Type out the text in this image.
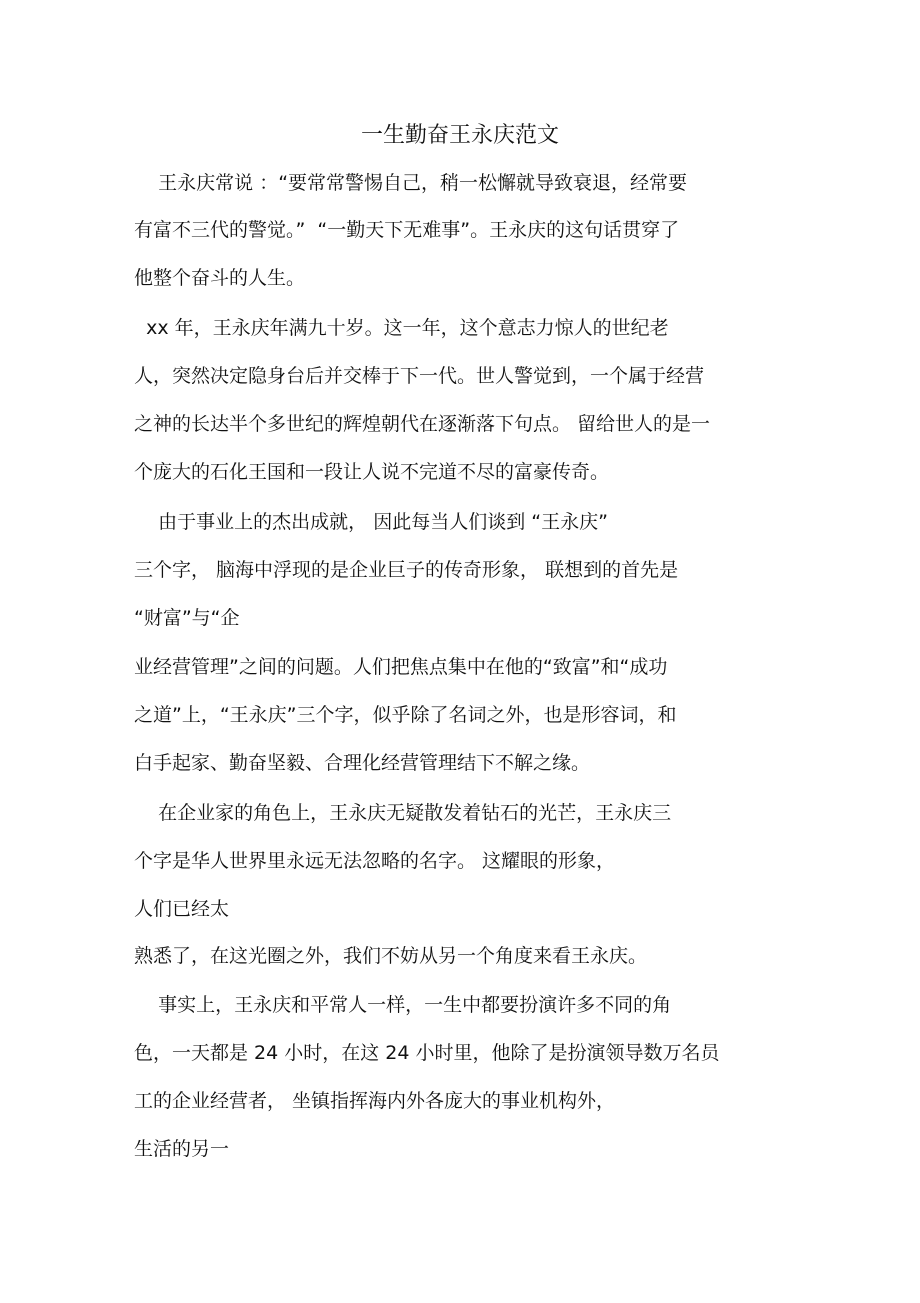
一生勤奋王永庆范文
王永庆常说 ：“要常常警惕自己，稍一松懈就导致衰退，经常要
有富不三代的警觉。”  “一勤天下无难事”。王永庆的这句话贯穿了
他整个奋斗的人生。
xx 年，王永庆年满九十岁。这一年，这个意志力惊人的世纪老
人，突然决定隐身台后并交棒于下一代。世人警觉到，一个属于经营
之神的长达半个多世纪的辉煌朝代在逐渐落下句点。 留给世人的是一
个庞大的石化王国和一段让人说不完道不尽的富豪传奇。
由于事业上的杰出成就， 因此每当人们谈到 “王永庆”
三个字， 脑海中浮现的是企业巨子的传奇形象， 联想到的首先是
“财富”与“企
业经营管理”之间的问题。人们把焦点集中在他的“致富”和“成功
之道”上，“王永庆”三个字，似乎除了名词之外，也是形容词，和
白手起家、勤奋坚毅、合理化经营管理结下不解之缘。
在企业家的角色上，王永庆无疑散发着钻石的光芒，王永庆三
个字是华人世界里永远无法忽略的名字。 这耀眼的形象，
人们已经太
熟悉了，在这光圈之外，我们不妨从另一个角度来看王永庆。
事实上，王永庆和平常人一样，一生中都要扮演许多不同的角
色，一天都是 24 小时，在这 24 小时里，他除了是扮演领导数万名员
工的企业经营者， 坐镇指挥海内外各庞大的事业机构外，
生活的另一
